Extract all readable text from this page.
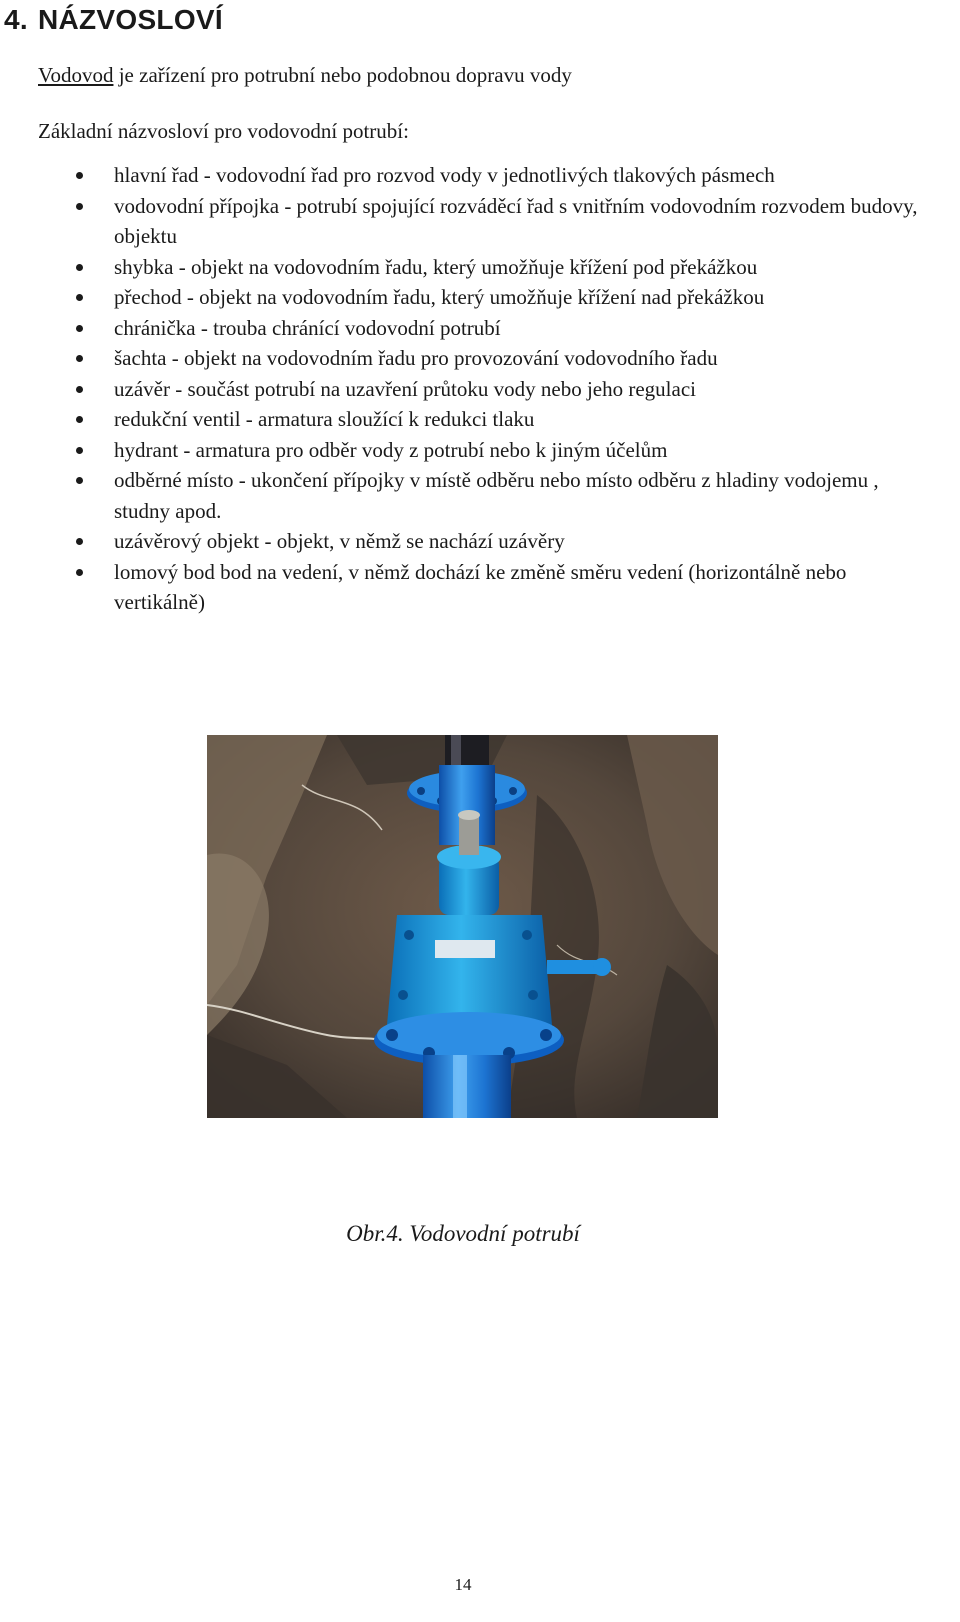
4. NÁZVOSLOVÍ

Vodovod je zařízení pro potrubní nebo podobnou dopravu vody

Základní názvosloví pro vodovodní potrubí:

hlavní řad - vodovodní řad pro rozvod vody v jednotlivých tlakových pásmech
vodovodní přípojka - potrubí spojující rozváděcí řad s vnitřním vodovodním rozvodem budovy, objektu
shybka - objekt na vodovodním řadu, který umožňuje křížení pod překážkou
přechod - objekt na vodovodním řadu, který umožňuje křížení nad překážkou
chránička - trouba chránící vodovodní potrubí
šachta - objekt na vodovodním řadu pro provozování vodovodního řadu
uzávěr - součást potrubí na uzavření průtoku vody nebo jeho regulaci
redukční ventil - armatura sloužící k redukci tlaku
hydrant - armatura pro odběr vody z potrubí nebo k jiným účelům
odběrné místo - ukončení přípojky v místě odběru nebo místo odběru z hladiny vodojemu , studny apod.
uzávěrový objekt - objekt, v němž se nachází uzávěry
lomový bod bod na vedení, v němž dochází ke změně směru vedení (horizontálně nebo vertikálně)

Obr.4. Vodovodní potrubí

14
